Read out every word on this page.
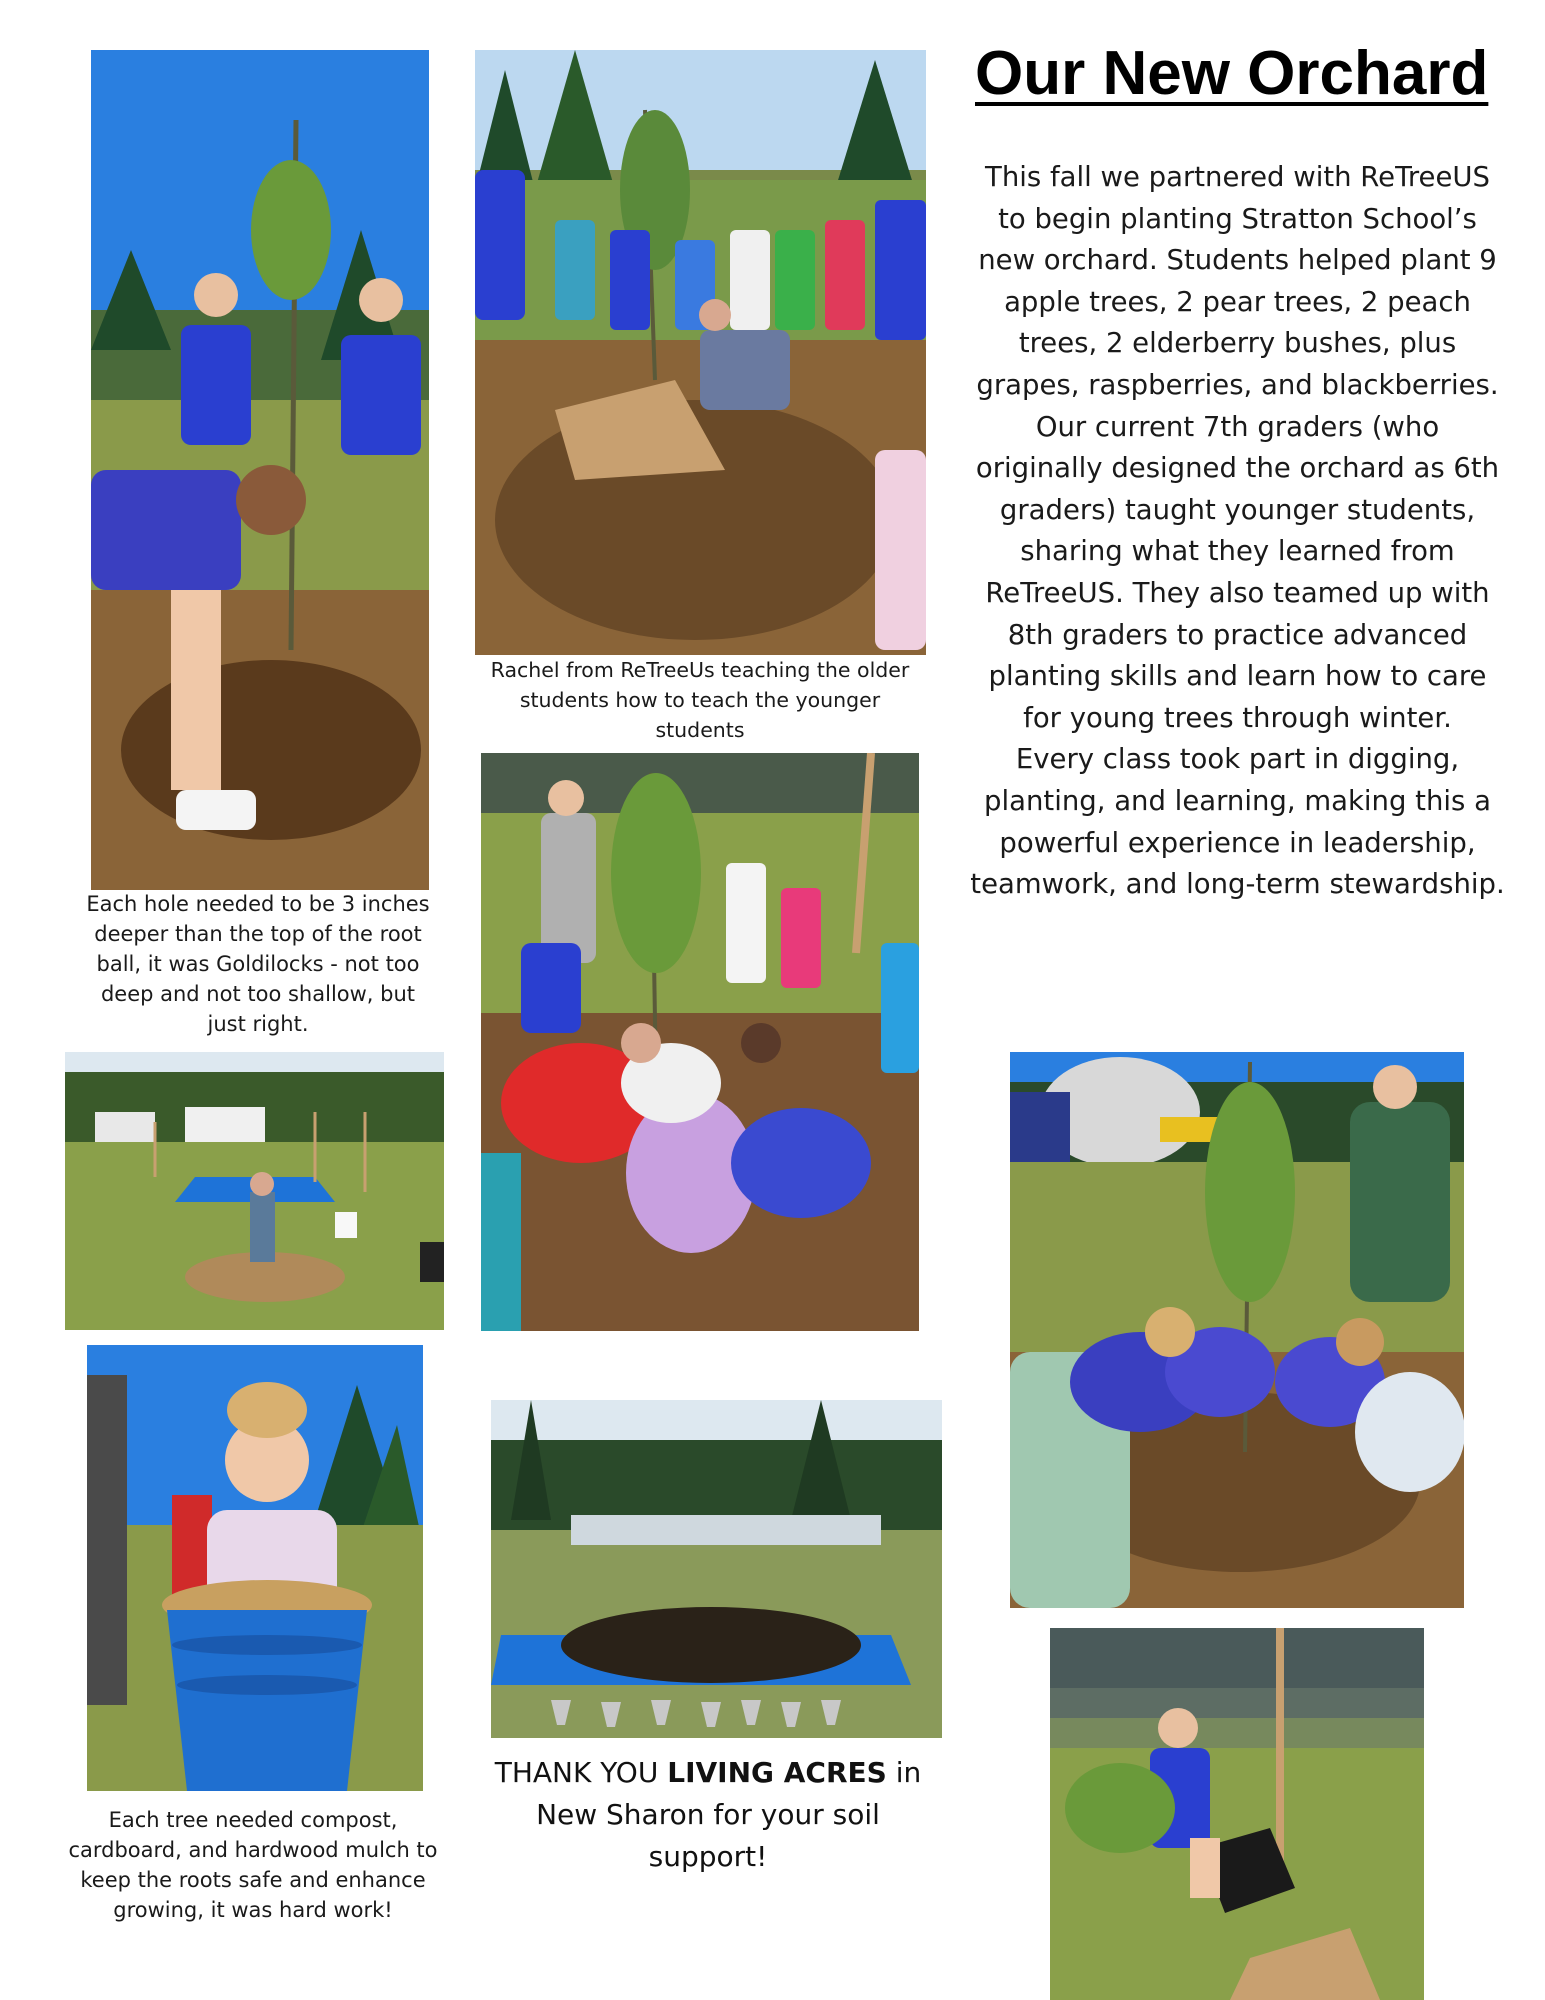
Rachel from ReTreeUs teaching the older students how to teach the younger students
Each hole needed to be 3 inches deeper than the top of the root ball, it was Goldilocks - not too deep and not too shallow, but just right.
Each tree needed compost, cardboard, and hardwood mulch to keep the roots safe and enhance growing, it was hard work!
THANK YOU LIVING ACRES in New Sharon for your soil support!
Our New Orchard

This fall we partnered with ReTreeUS to begin planting Stratton School’s new orchard. Students helped plant 9 apple trees, 2 pear trees, 2 peach trees, 2 elderberry bushes, plus grapes, raspberries, and blackberries.

Our current 7th graders (who originally designed the orchard as 6th graders) taught younger students, sharing what they learned from ReTreeUS. They also teamed up with 8th graders to practice advanced planting skills and learn how to care for young trees through winter.

Every class took part in digging, planting, and learning, making this a powerful experience in leadership, teamwork, and long-term stewardship.
